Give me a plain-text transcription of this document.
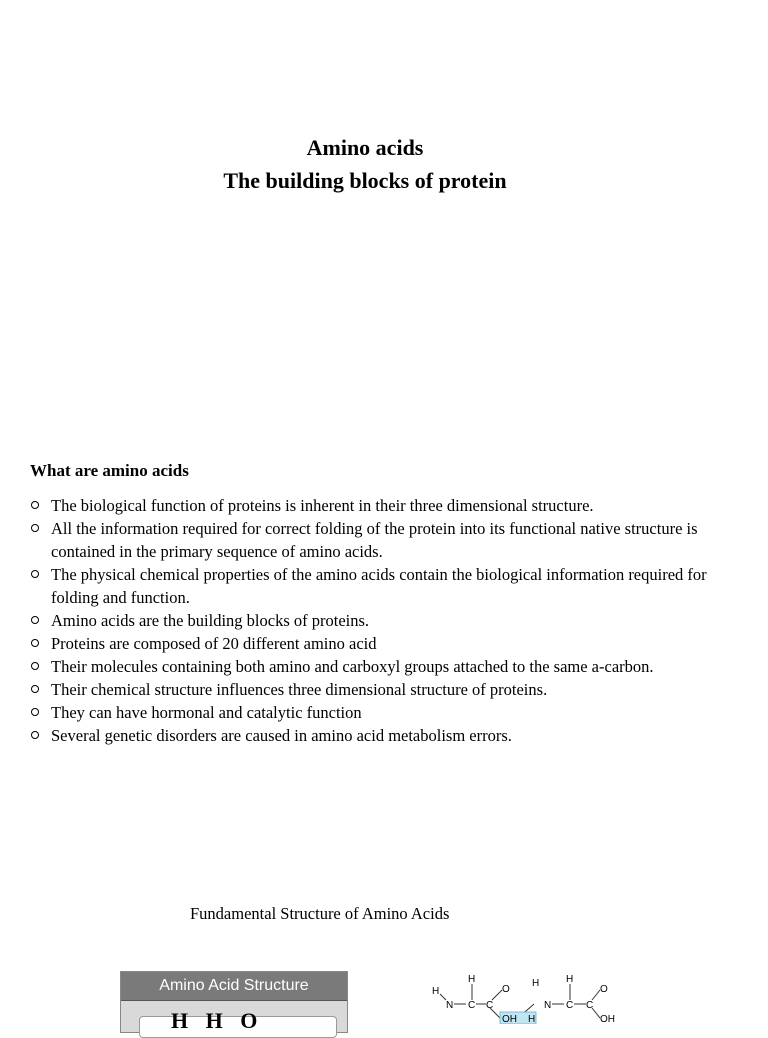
Amino acids
The building blocks of protein
What are amino acids
The biological function of proteins is inherent in their three dimensional structure.
All the information required for correct folding of the protein into its functional native structure is contained in the primary sequence of amino acids.
The physical chemical properties of the amino acids contain the biological information required for folding and function.
Amino acids are the building blocks of proteins.
Proteins are composed of 20 different amino acid
Their molecules containing both amino and carboxyl groups attached to the same a-carbon.
Their chemical structure influences three dimensional structure of proteins.
They can have hormonal and catalytic function
Several genetic disorders are caused in amino acid metabolism errors.
Fundamental Structure of Amino Acids
Amino Acid Structure
H H O
H
N
H
C C
O
OH H
H
N
H
C C
O
OH
